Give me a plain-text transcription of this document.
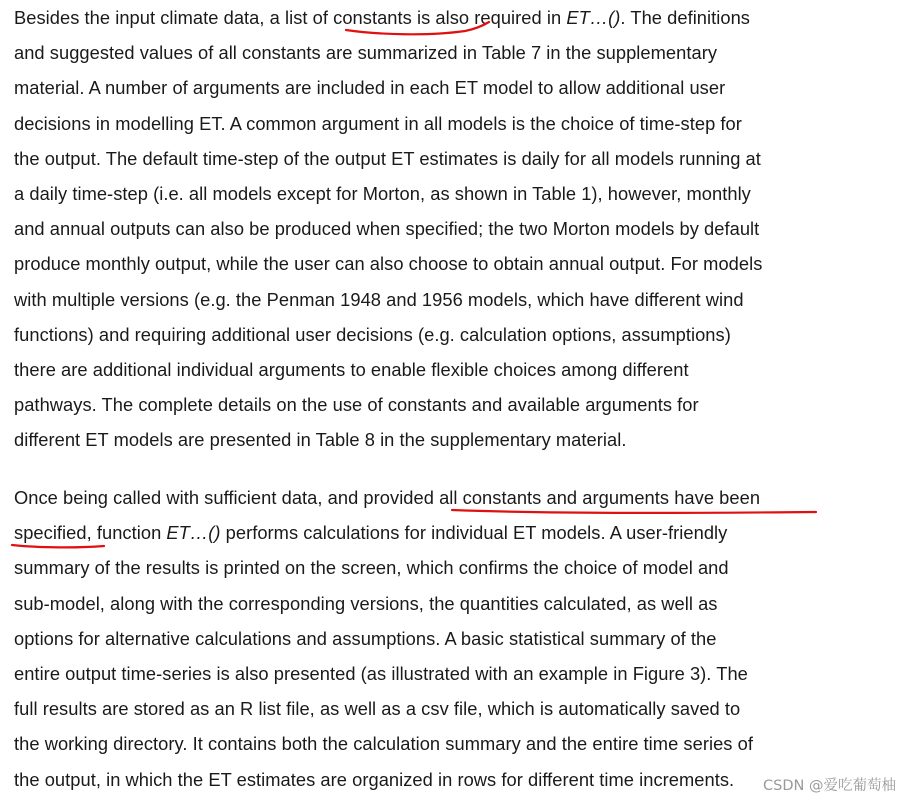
Besides the input climate data, a list of constants is also required in ET…(). The definitions
and suggested values of all constants are summarized in Table 7 in the supplementary
material. A number of arguments are included in each ET model to allow additional user
decisions in modelling ET. A common argument in all models is the choice of time-step for
the output. The default time-step of the output ET estimates is daily for all models running at
a daily time-step (i.e. all models except for Morton, as shown in Table 1), however, monthly
and annual outputs can also be produced when specified; the two Morton models by default
produce monthly output, while the user can also choose to obtain annual output. For models
with multiple versions (e.g. the Penman 1948 and 1956 models, which have different wind
functions) and requiring additional user decisions (e.g. calculation options, assumptions)
there are additional individual arguments to enable flexible choices among different
pathways. The complete details on the use of constants and available arguments for
different ET models are presented in Table 8 in the supplementary material.
Once being called with sufficient data, and provided all constants and arguments have been
specified, function ET…() performs calculations for individual ET models. A user-friendly
summary of the results is printed on the screen, which confirms the choice of model and
sub-model, along with the corresponding versions, the quantities calculated, as well as
options for alternative calculations and assumptions. A basic statistical summary of the
entire output time-series is also presented (as illustrated with an example in Figure 3). The
full results are stored as an R list file, as well as a csv file, which is automatically saved to
the working directory. It contains both the calculation summary and the entire time series of
the output, in which the ET estimates are organized in rows for different time increments.	CSDN @爱吃葡萄柚
